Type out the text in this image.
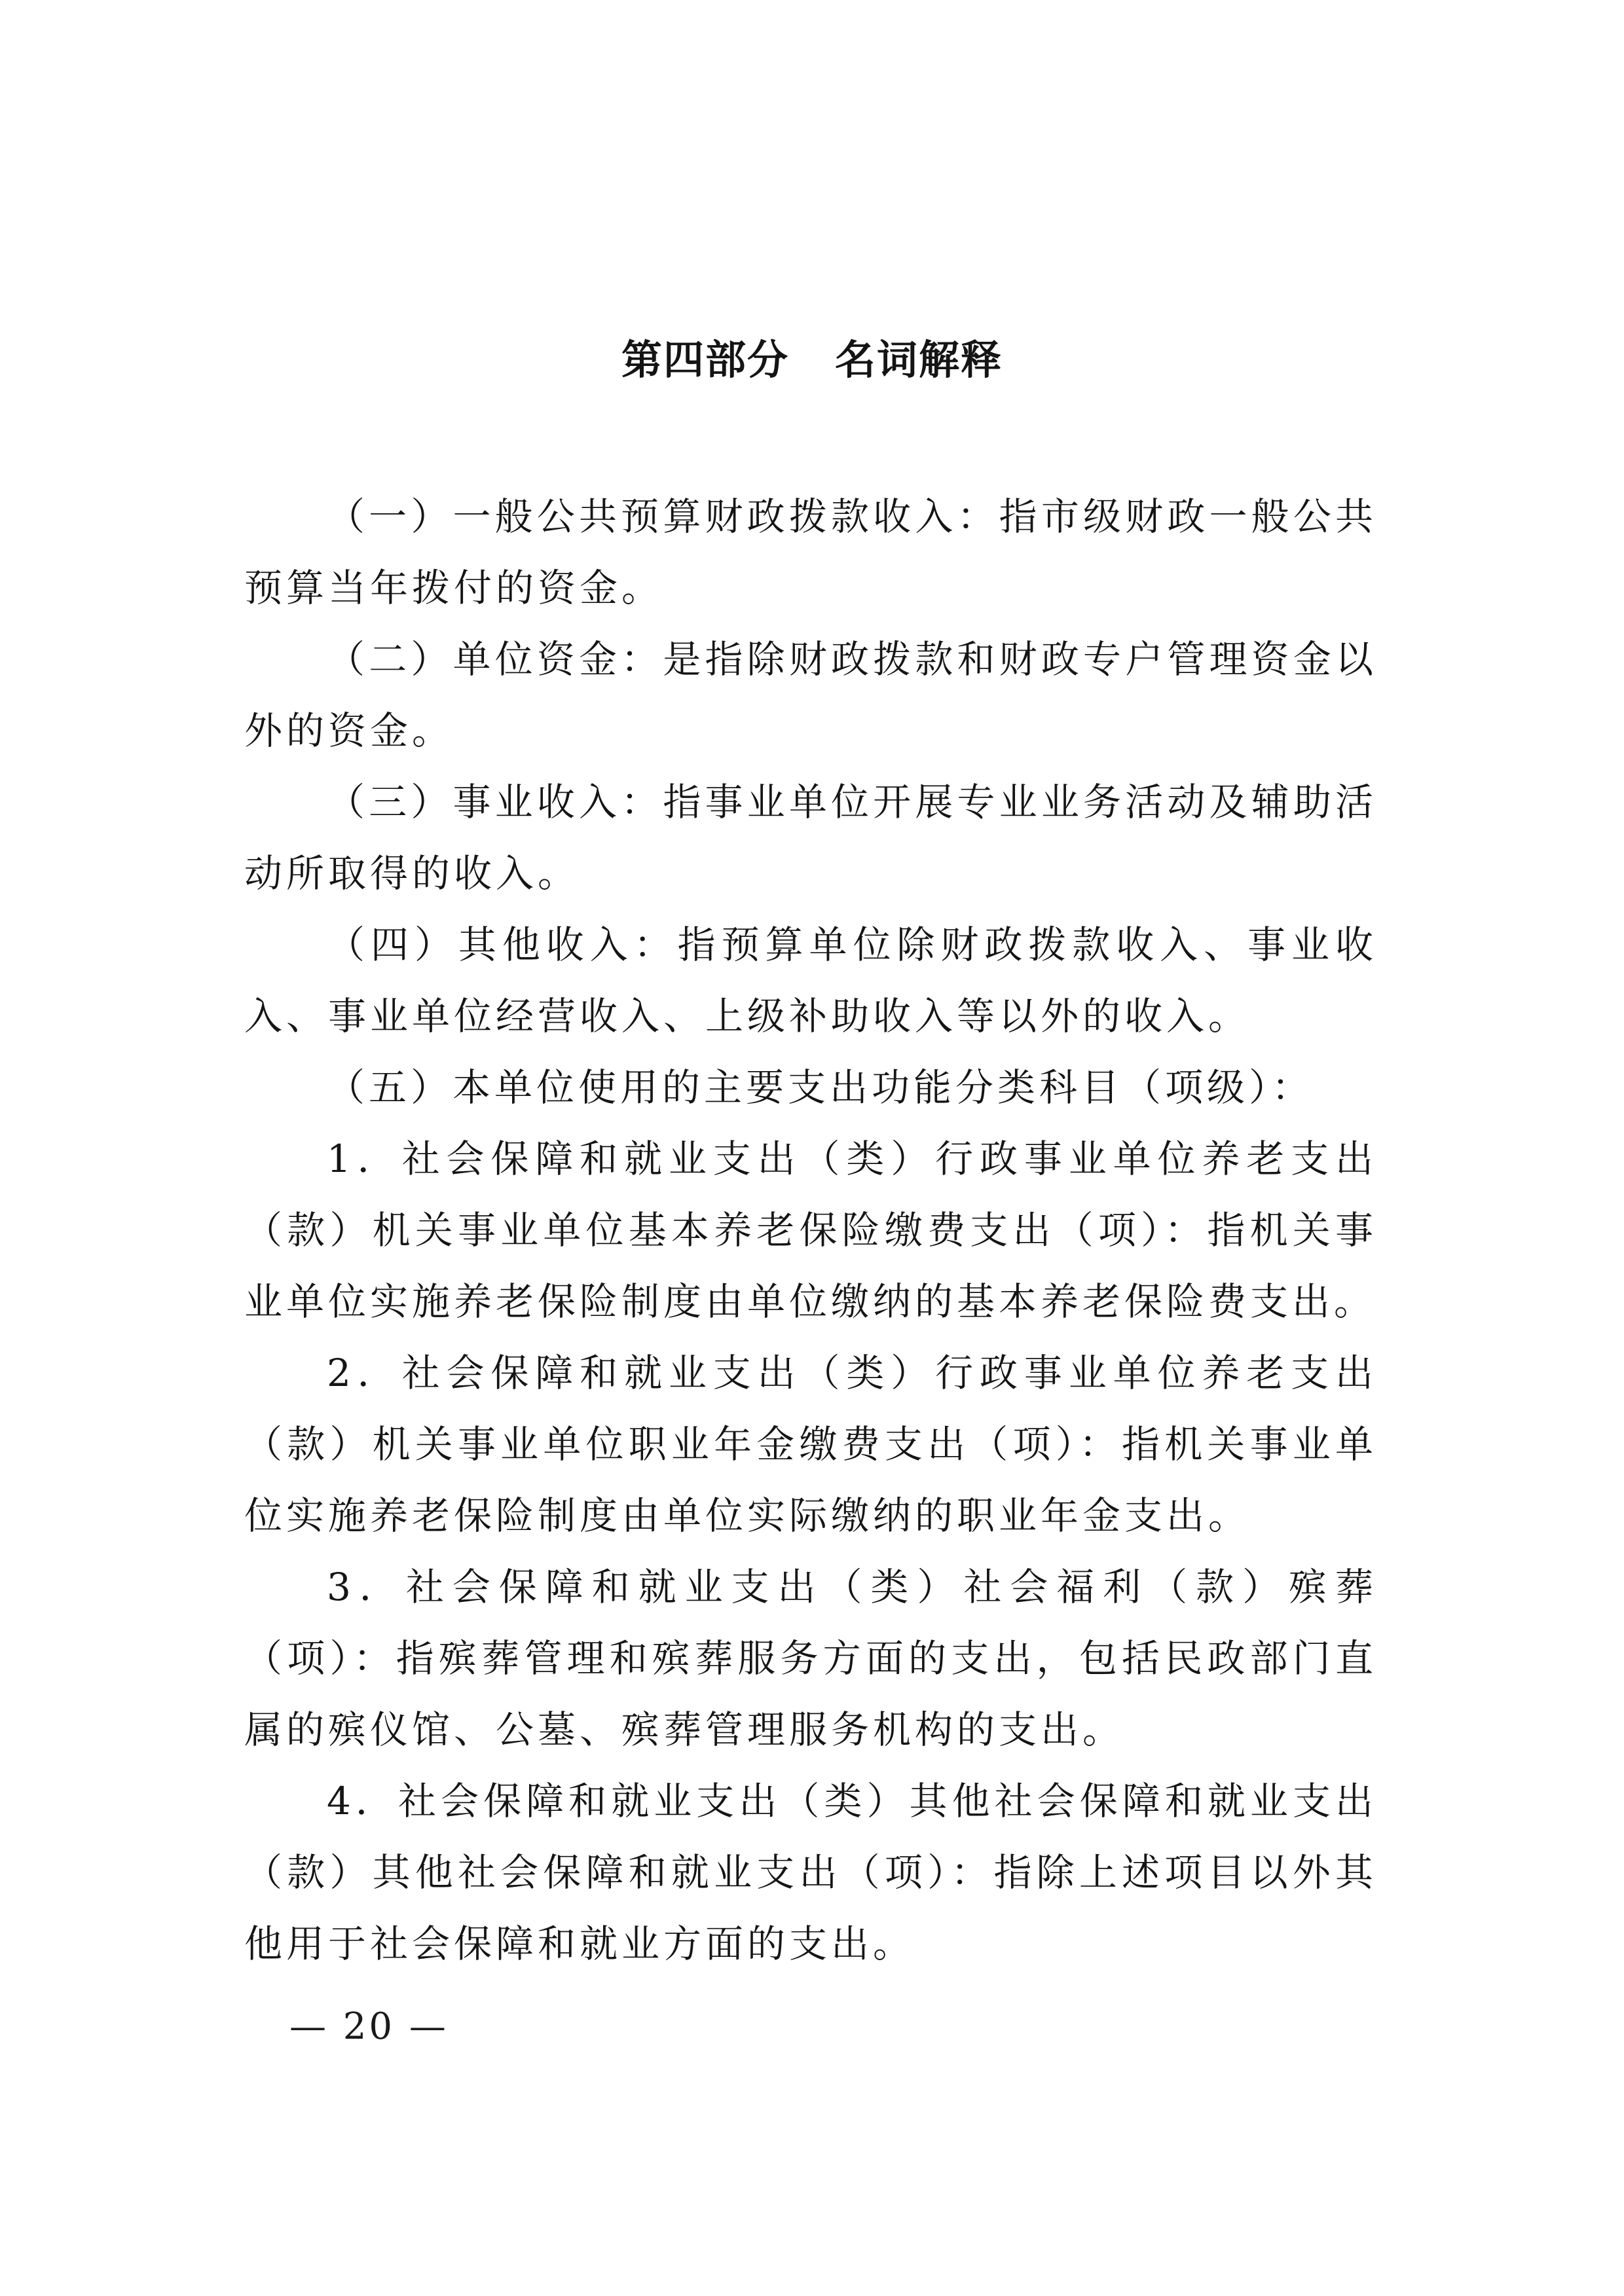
第四部分 名词解释

（一）一般公共预算财政拨款收入：指市级财政一般公共预算当年拨付的资金。

（二）单位资金：是指除财政拨款和财政专户管理资金以外的资金。

（三）事业收入：指事业单位开展专业业务活动及辅助活动所取得的收入。

（四）其他收入：指预算单位除财政拨款收入、事业收入、事业单位经营收入、上级补助收入等以外的收入。

（五）本单位使用的主要支出功能分类科目（项级）：

1．社会保障和就业支出（类）行政事业单位养老支出（款）机关事业单位基本养老保险缴费支出（项）：指机关事业单位实施养老保险制度由单位缴纳的基本养老保险费支出。

2．社会保障和就业支出（类）行政事业单位养老支出（款）机关事业单位职业年金缴费支出（项）：指机关事业单位实施养老保险制度由单位实际缴纳的职业年金支出。

3．社会保障和就业支出（类）社会福利（款）殡葬（项）：指殡葬管理和殡葬服务方面的支出，包括民政部门直属的殡仪馆、公墓、殡葬管理服务机构的支出。

4．社会保障和就业支出（类）其他社会保障和就业支出（款）其他社会保障和就业支出（项）：指除上述项目以外其他用于社会保障和就业方面的支出。

— 20 —
